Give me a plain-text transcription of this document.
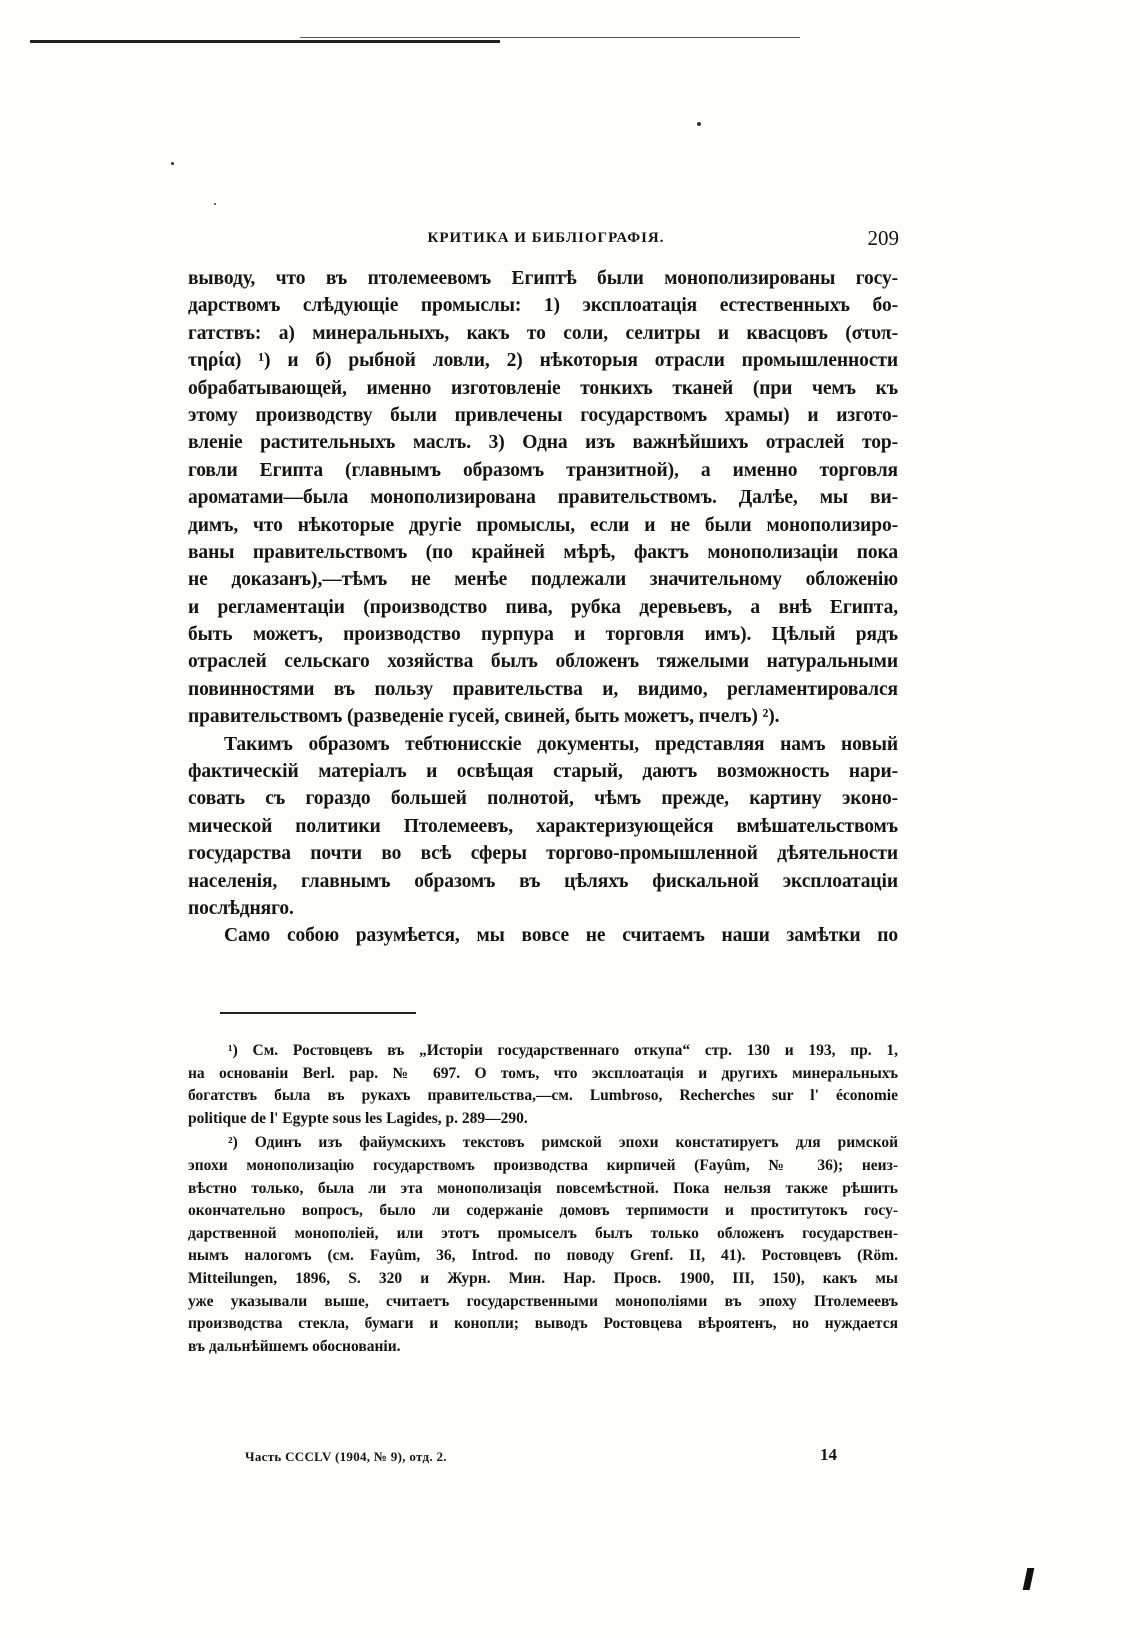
КРИТИКА И БИБЛІОГРАФІЯ.	209
выводу, что въ птолемеевомъ Египтѣ были монополизированы госу-
дарствомъ слѣдующіе промыслы: 1) эксплоатація естественныхъ бо-
гатствъ: а) минеральныхъ, какъ то соли, селитры и квасцовъ (στυπ-
τηρία) ¹) и б) рыбной ловли, 2) нѣкоторыя отрасли промышленности
обрабатывающей, именно изготовленіе тонкихъ тканей (при чемъ къ
этому производству были привлечены государствомъ храмы) и изгото-
вленіе растительныхъ маслъ. 3) Одна изъ важнѣйшихъ отраслей тор-
говли Египта (главнымъ образомъ транзитной), а именно торговля
ароматами—была монополизирована правительствомъ. Далѣе, мы ви-
димъ, что нѣкоторые другіе промыслы, если и не были монополизиро-
ваны правительствомъ (по крайней мѣрѣ, фактъ монополизаціи пока
не доказанъ),—тѣмъ не менѣе подлежали значительному обложенію
и регламентаціи (производство пива, рубка деревьевъ, а внѣ Египта,
быть можетъ, производство пурпура и торговля имъ). Цѣлый рядъ
отраслей сельскаго хозяйства былъ обложенъ тяжелыми натуральными
повинностями въ пользу правительства и, видимо, регламентировался
правительствомъ (разведеніе гусей, свиней, быть можетъ, пчелъ) ²).
Такимъ образомъ тебтюнисскіе документы, представляя намъ новый
фактическій матеріалъ и освѣщая старый, даютъ возможность нари-
совать съ гораздо большей полнотой, чѣмъ прежде, картину эконо-
мической политики Птолемеевъ, характеризующейся вмѣшательствомъ
государства почти во всѣ сферы торгово-промышленной дѣятельности
населенія, главнымъ образомъ въ цѣляхъ фискальной эксплоатаціи
послѣдняго.
Само собою разумѣется, мы вовсе не считаемъ наши замѣтки по
¹) См. Ростовцевъ въ „Исторіи государственнаго откупа“ стр. 130 и 193, пр. 1,
на основаніи Berl. pap. № 697. О томъ, что эксплоатація и другихъ минеральныхъ
богатствъ была въ рукахъ правительства,—см. Lumbroso, Recherches sur l' économie
politique de l' Egypte sous les Lagides, p. 289—290.
²) Одинъ изъ файумскихъ текстовъ римской эпохи констатируетъ для римской
эпохи монополизацію государствомъ производства кирпичей (Fayûm, № 36); неиз-
вѣстно только, была ли эта монополизація повсемѣстной. Пока нельзя также рѣшить
окончательно вопросъ, было ли содержаніе домовъ терпимости и проститутокъ госу-
дарственной монополіей, или этотъ промыселъ былъ только обложенъ государствен-
нымъ налогомъ (см. Fayûm, 36, Introd. по поводу Grenf. II, 41). Ростовцевъ (Röm.
Mitteilungen, 1896, S. 320 и Журн. Мин. Нар. Просв. 1900, III, 150), какъ мы
уже указывали выше, считаетъ государственными монополіями въ эпоху Птолемеевъ
производства стекла, бумаги и конопли; выводъ Ростовцева вѣроятенъ, но нуждается
въ дальнѣйшемъ обоснованіи.
Часть CCCLV (1904, № 9), отд. 2.	14
